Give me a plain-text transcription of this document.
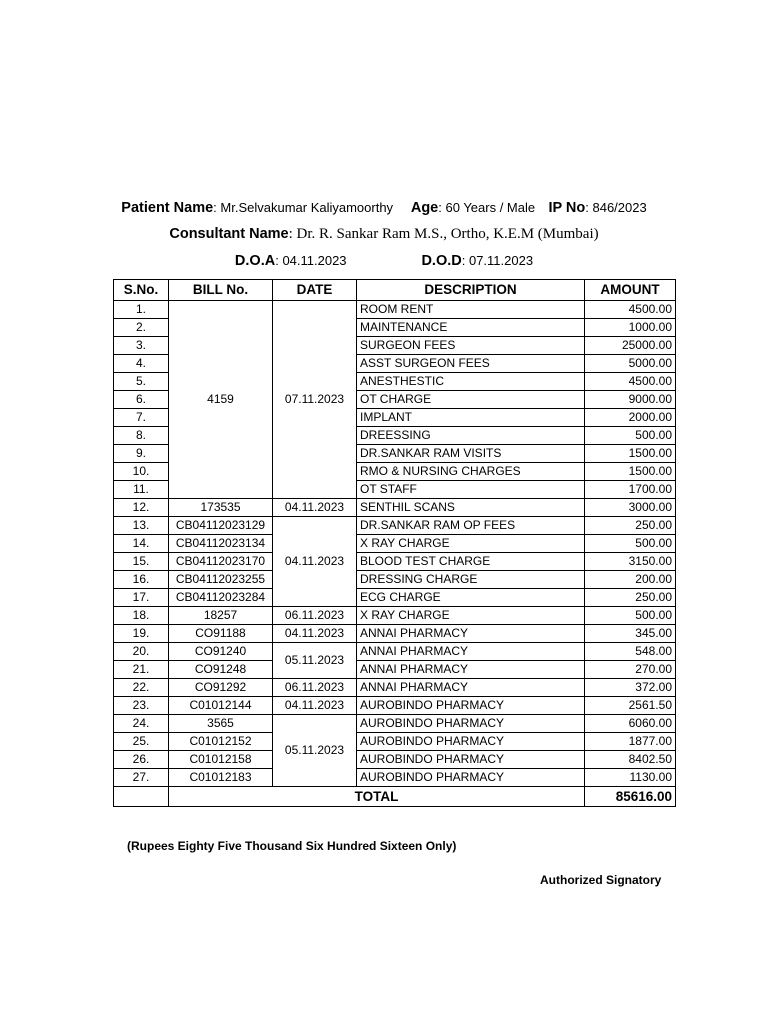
Patient Name: Mr.Selvakumar Kaliyamoorthy Age: 60 Years / Male IP No: 846/2023
Consultant Name: Dr. R. Sankar Ram M.S., Ortho, K.E.M (Mumbai)
D.O.A: 04.11.2023	D.O.D: 07.11.2023
S.No.	BILL No.	DATE	DESCRIPTION	AMOUNT
1.	4159	07.11.2023	ROOM RENT	4500.00
2.			MAINTENANCE	1000.00
3.			SURGEON FEES	25000.00
4.			ASST SURGEON FEES	5000.00
5.			ANESTHESTIC	4500.00
6.			OT CHARGE	9000.00
7.			IMPLANT	2000.00
8.			DREESSING	500.00
9.			DR.SANKAR RAM VISITS	1500.00
10.			RMO & NURSING CHARGES	1500.00
11.			OT STAFF	1700.00
12.	173535	04.11.2023	SENTHIL SCANS	3000.00
13.	CB04112023129	04.11.2023	DR.SANKAR RAM OP FEES	250.00
14.	CB04112023134		X RAY CHARGE	500.00
15.	CB04112023170		BLOOD TEST CHARGE	3150.00
16.	CB04112023255		DRESSING CHARGE	200.00
17.	CB04112023284		ECG CHARGE	250.00
18.	18257	06.11.2023	X RAY CHARGE	500.00
19.	CO91188	04.11.2023	ANNAI PHARMACY	345.00
20.	CO91240	05.11.2023	ANNAI PHARMACY	548.00
21.	CO91248		ANNAI PHARMACY	270.00
22.	CO91292	06.11.2023	ANNAI PHARMACY	372.00
23.	C01012144	04.11.2023	AUROBINDO PHARMACY	2561.50
24.	3565	05.11.2023	AUROBINDO PHARMACY	6060.00
25.	C01012152		AUROBINDO PHARMACY	1877.00
26.	C01012158		AUROBINDO PHARMACY	8402.50
27.	C01012183		AUROBINDO PHARMACY	1130.00
	TOTAL			85616.00
(Rupees Eighty Five Thousand Six Hundred Sixteen Only)
Authorized Signatory
